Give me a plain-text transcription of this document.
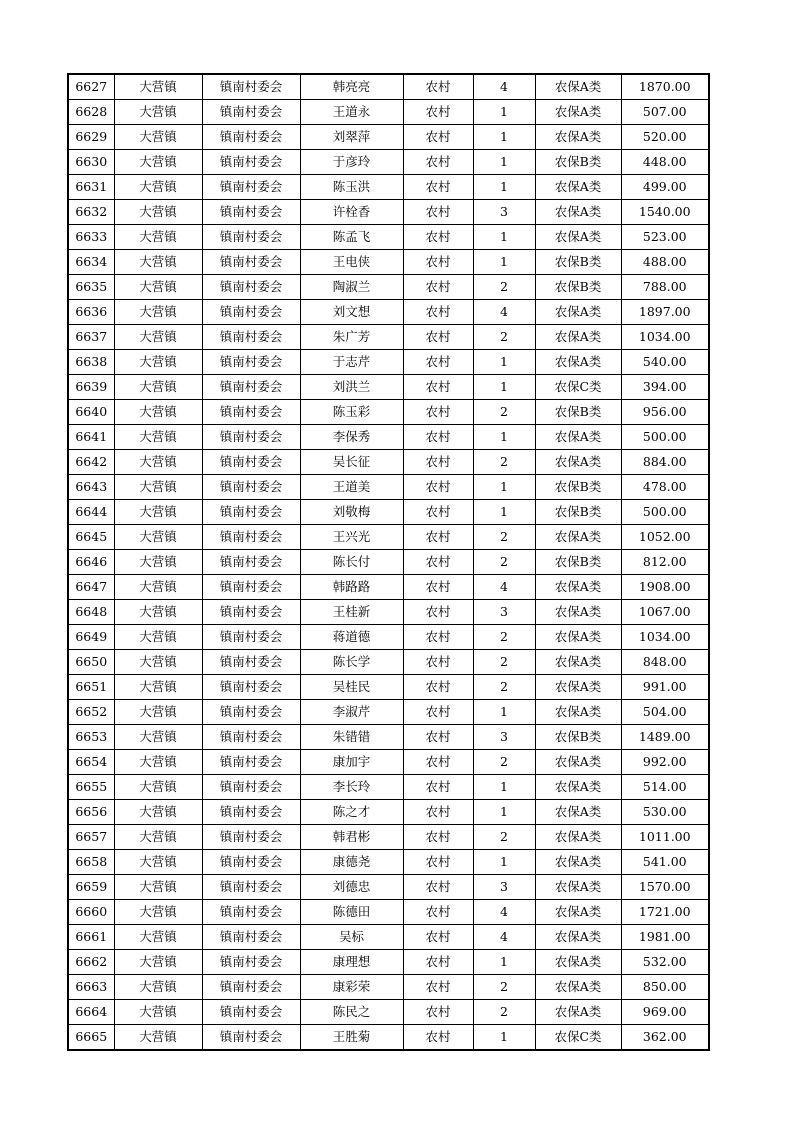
6627	大营镇	镇南村委会	韩亮亮	农村	4	农保A类	1870.00
6628	大营镇	镇南村委会	王道永	农村	1	农保A类	507.00
6629	大营镇	镇南村委会	刘翠萍	农村	1	农保A类	520.00
6630	大营镇	镇南村委会	于彦玲	农村	1	农保B类	448.00
6631	大营镇	镇南村委会	陈玉洪	农村	1	农保A类	499.00
6632	大营镇	镇南村委会	许栓香	农村	3	农保A类	1540.00
6633	大营镇	镇南村委会	陈孟飞	农村	1	农保A类	523.00
6634	大营镇	镇南村委会	王电侠	农村	1	农保B类	488.00
6635	大营镇	镇南村委会	陶淑兰	农村	2	农保B类	788.00
6636	大营镇	镇南村委会	刘文想	农村	4	农保A类	1897.00
6637	大营镇	镇南村委会	朱广芳	农村	2	农保A类	1034.00
6638	大营镇	镇南村委会	于志芹	农村	1	农保A类	540.00
6639	大营镇	镇南村委会	刘洪兰	农村	1	农保C类	394.00
6640	大营镇	镇南村委会	陈玉彩	农村	2	农保B类	956.00
6641	大营镇	镇南村委会	李保秀	农村	1	农保A类	500.00
6642	大营镇	镇南村委会	吴长征	农村	2	农保A类	884.00
6643	大营镇	镇南村委会	王道美	农村	1	农保B类	478.00
6644	大营镇	镇南村委会	刘敬梅	农村	1	农保B类	500.00
6645	大营镇	镇南村委会	王兴光	农村	2	农保A类	1052.00
6646	大营镇	镇南村委会	陈长付	农村	2	农保B类	812.00
6647	大营镇	镇南村委会	韩路路	农村	4	农保A类	1908.00
6648	大营镇	镇南村委会	王桂新	农村	3	农保A类	1067.00
6649	大营镇	镇南村委会	蒋道德	农村	2	农保A类	1034.00
6650	大营镇	镇南村委会	陈长学	农村	2	农保A类	848.00
6651	大营镇	镇南村委会	吴桂民	农村	2	农保A类	991.00
6652	大营镇	镇南村委会	李淑芹	农村	1	农保A类	504.00
6653	大营镇	镇南村委会	朱错错	农村	3	农保B类	1489.00
6654	大营镇	镇南村委会	康加宇	农村	2	农保A类	992.00
6655	大营镇	镇南村委会	李长玲	农村	1	农保A类	514.00
6656	大营镇	镇南村委会	陈之才	农村	1	农保A类	530.00
6657	大营镇	镇南村委会	韩君彬	农村	2	农保A类	1011.00
6658	大营镇	镇南村委会	康德尧	农村	1	农保A类	541.00
6659	大营镇	镇南村委会	刘德忠	农村	3	农保A类	1570.00
6660	大营镇	镇南村委会	陈德田	农村	4	农保A类	1721.00
6661	大营镇	镇南村委会	吴标	农村	4	农保A类	1981.00
6662	大营镇	镇南村委会	康理想	农村	1	农保A类	532.00
6663	大营镇	镇南村委会	康彩荣	农村	2	农保A类	850.00
6664	大营镇	镇南村委会	陈民之	农村	2	农保A类	969.00
6665	大营镇	镇南村委会	王胜菊	农村	1	农保C类	362.00
